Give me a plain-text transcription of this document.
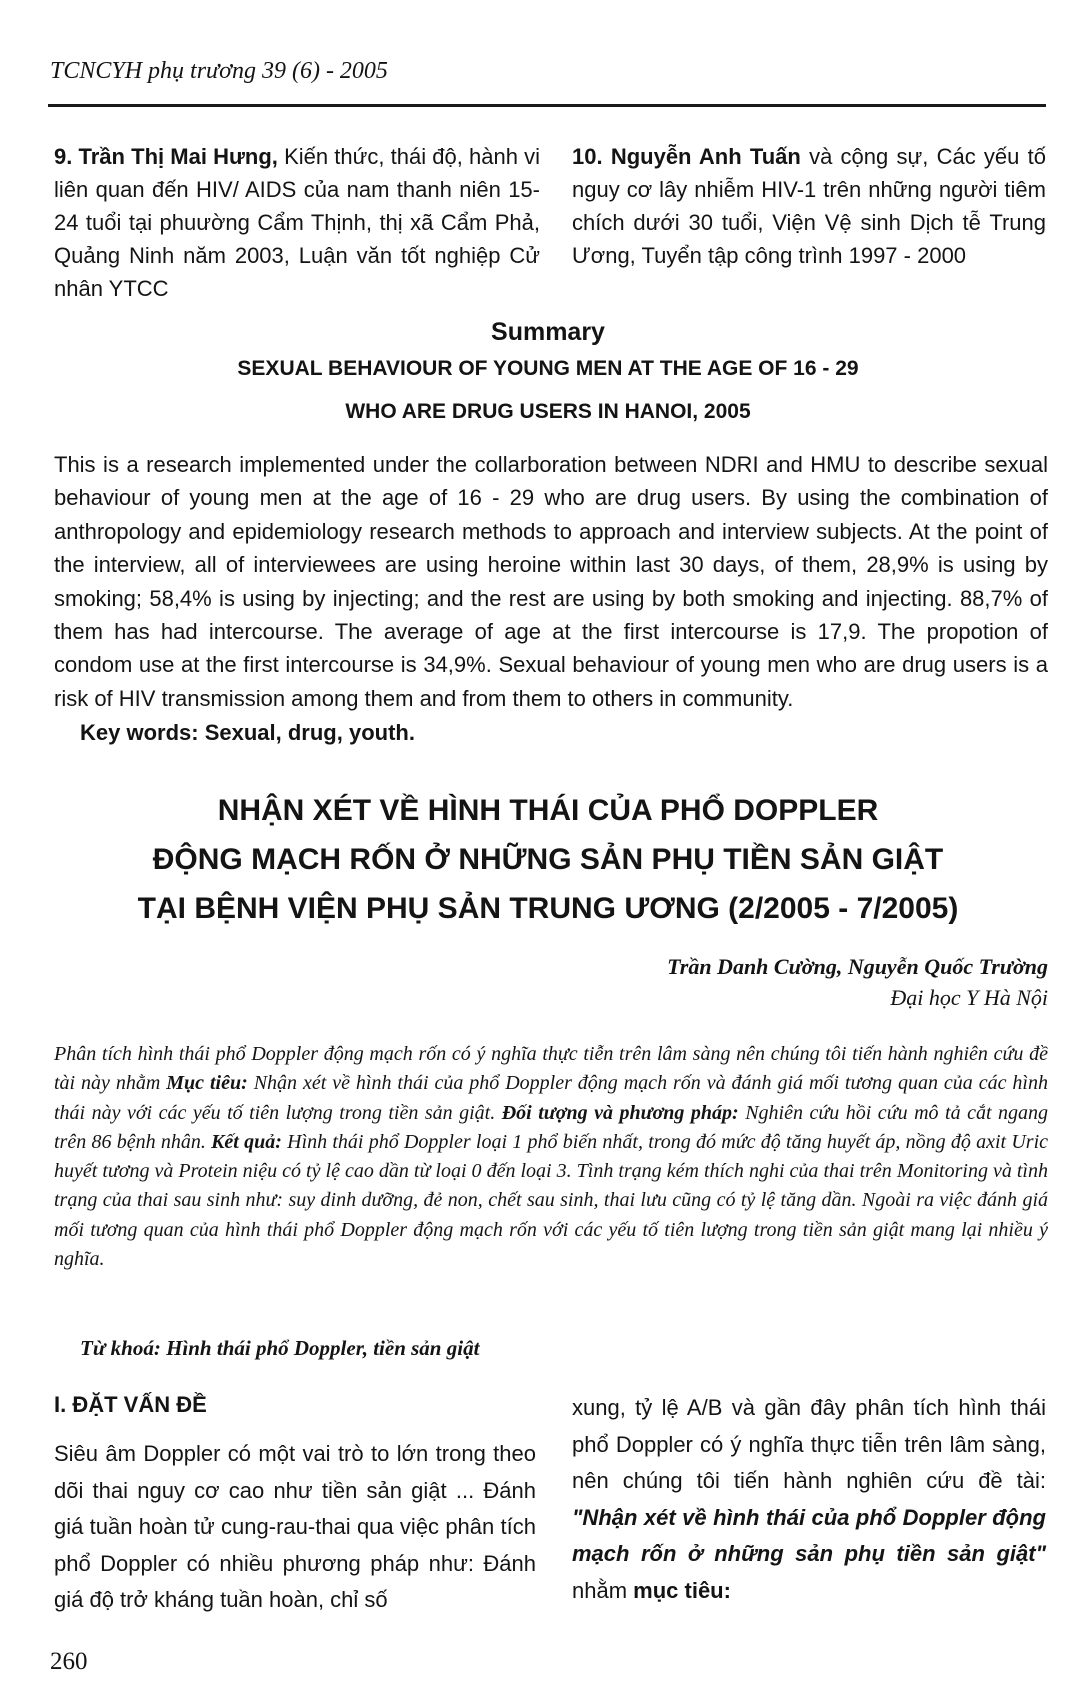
TCNCYH phụ trương 39 (6) - 2005
9. Trần Thị Mai Hưng, Kiến thức, thái độ, hành vi liên quan đến HIV/ AIDS của nam thanh niên 15-24 tuổi tại phuường Cẩm Thịnh, thị xã Cẩm Phả, Quảng Ninh năm 2003, Luận văn tốt nghiệp Cử nhân YTCC
10. Nguyễn Anh Tuấn và cộng sự, Các yếu tố nguy cơ lây nhiễm HIV-1 trên những người tiêm chích dưới 30 tuổi, Viện Vệ sinh Dịch tễ Trung Ương, Tuyển tập công trình 1997 - 2000
Summary
SEXUAL BEHAVIOUR OF YOUNG MEN AT THE AGE OF 16 - 29
WHO ARE DRUG USERS IN HANOI, 2005
This is a research implemented under the collarboration between NDRI and HMU to describe sexual behaviour of young men at the age of 16 - 29 who are drug users. By using the combination of anthropology and epidemiology research methods to approach and interview subjects. At the point of the interview, all of interviewees are using heroine within last 30 days, of them, 28,9% is using by smoking; 58,4% is using by injecting; and the rest are using by both smoking and injecting. 88,7% of them has had intercourse. The average of age at the first intercourse is 17,9. The propotion of condom use at the first intercourse is 34,9%. Sexual behaviour of young men who are drug users is a risk of HIV transmission among them and from them to others in community.
Key words: Sexual, drug, youth.
NHẬN XÉT VỀ HÌNH THÁI CỦA PHỔ DOPPLER
ĐỘNG MẠCH RỐN Ở NHỮNG SẢN PHỤ TIỀN SẢN GIẬT
TẠI BỆNH VIỆN PHỤ SẢN TRUNG ƯƠNG (2/2005 - 7/2005)
Trần Danh Cường, Nguyễn Quốc Trường
Đại học Y Hà Nội
Phân tích hình thái phổ Doppler động mạch rốn có ý nghĩa thực tiễn trên lâm sàng nên chúng tôi tiến hành nghiên cứu đề tài này nhằm Mục tiêu: Nhận xét về hình thái của phổ Doppler động mạch rốn và đánh giá mối tương quan của các hình thái này với các yếu tố tiên lượng trong tiền sản giật. Đối tượng và phương pháp: Nghiên cứu hồi cứu mô tả cắt ngang trên 86 bệnh nhân. Kết quả: Hình thái phổ Doppler loại 1 phổ biến nhất, trong đó mức độ tăng huyết áp, nồng độ axit Uric huyết tương và Protein niệu có tỷ lệ cao dần từ loại 0 đến loại 3. Tình trạng kém thích nghi của thai trên Monitoring và tình trạng của thai sau sinh như: suy dinh dưỡng, đẻ non, chết sau sinh, thai lưu cũng có tỷ lệ tăng dần. Ngoài ra việc đánh giá mối tương quan của hình thái phổ Doppler động mạch rốn với các yếu tố tiên lượng trong tiền sản giật mang lại nhiều ý nghĩa.
Từ khoá: Hình thái phổ Doppler, tiền sản giật
I. ĐẶT VẤN ĐỀ
Siêu âm Doppler có một vai trò to lớn trong theo dõi thai nguy cơ cao như tiền sản giật ... Đánh giá tuần hoàn tử cung-rau-thai qua việc phân tích phổ Doppler có nhiều phương pháp như: Đánh giá độ trở kháng tuần hoàn, chỉ số
xung, tỷ lệ A/B và gần đây phân tích hình thái phổ Doppler có ý nghĩa thực tiễn trên lâm sàng, nên chúng tôi tiến hành nghiên cứu đề tài: "Nhận xét về hình thái của phổ Doppler động mạch rốn ở những sản phụ tiền sản giật" nhằm mục tiêu:
260
